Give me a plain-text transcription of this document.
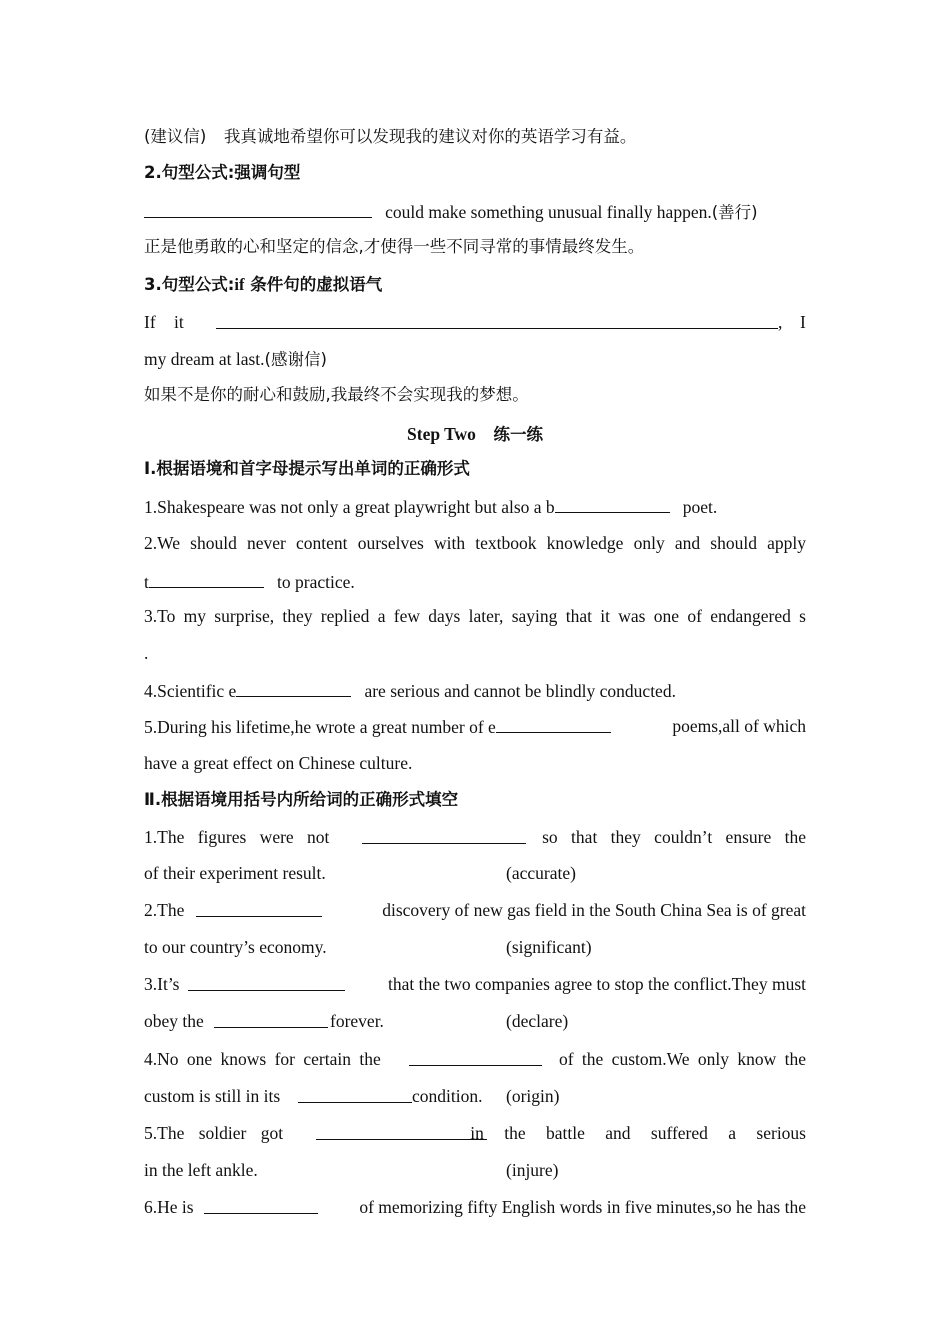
(建议信) 我真诚地希望你可以发现我的建议对你的英语学习有益。
2.句型公式:强调句型
could make something unusual finally happen.(善行)
正是他勇敢的心和坚定的信念,才使得一些不同寻常的事情最终发生。
3.句型公式:if 条件句的虚拟语气
If it	, I
my dream at last.(感谢信)
如果不是你的耐心和鼓励,我最终不会实现我的梦想。
Step Two 练一练
Ⅰ.根据语境和首字母提示写出单词的正确形式
1.Shakespeare was not only a great playwright but also a b	poet.
2.We should never content ourselves with textbook knowledge only and should apply
t	to practice.
3.To my surprise, they replied a few days later, saying that it was one of endangered s
.
4.Scientific e	are serious and cannot be blindly conducted.
5.During his lifetime,he wrote a great number of e	poems,all of which
have a great effect on Chinese culture.
Ⅱ.根据语境用括号内所给词的正确形式填空
1.The figures were not	so that they couldn’t ensure the
of their experiment result.	(accurate)
2.The	discovery of new gas field in the South China Sea is of great
to our country’s economy.	(significant)
3.It’s	that the two companies agree to stop the conflict.They must
obey the	forever.	(declare)
4.No one knows for certain the	of the custom.We only know the
custom is still in its	condition. (origin)
5.The soldier got	in the battle and suffered a serious
in the left ankle.	(injure)
6.He is	of memorizing fifty English words in five minutes,so he has the
